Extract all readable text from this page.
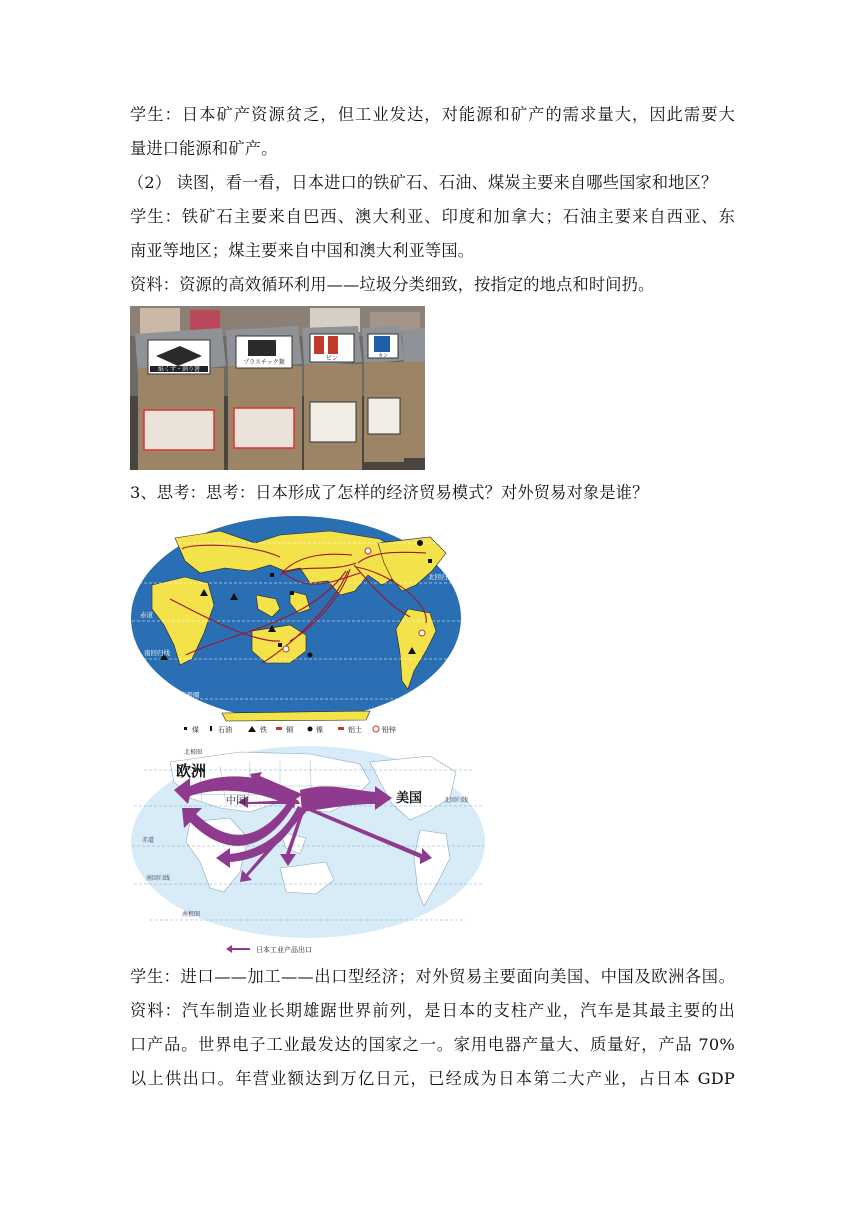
学生：日本矿产资源贫乏，但工业发达，对能源和矿产的需求量大，因此需要大
量进口能源和矿产。
（2） 读图，看一看，日本进口的铁矿石、石油、煤炭主要来自哪些国家和地区？
学生：铁矿石主要来自巴西、澳大利亚、印度和加拿大；石油主要来自西亚、东
南亚等地区；煤主要来自中国和澳大利亚等国。
资料：资源的高效循环利用——垃圾分类细致，按指定的地点和时间扔。
紙くず・割り箸
プラスチック類
ビン	カン
3、思考：思考：日本形成了怎样的经济贸易模式？对外贸易对象是谁？
北极圈
北回归线
赤道
南回归线
南极圈
煤	石油	铁	铜	镍	铝土	铅锌
欧洲
中国	美国
北极圈
北回归线
赤道
南回归线
南极圈
日本工业产品出口
学生：进口——加工——出口型经济；对外贸易主要面向美国、中国及欧洲各国。
资料：汽车制造业长期雄踞世界前列，是日本的支柱产业，汽车是其最主要的出
口产品。世界电子工业最发达的国家之一。家用电器产量大、质量好，产品 70%
以上供出口。年营业额达到万亿日元，已经成为日本第二大产业，占日本 GDP
